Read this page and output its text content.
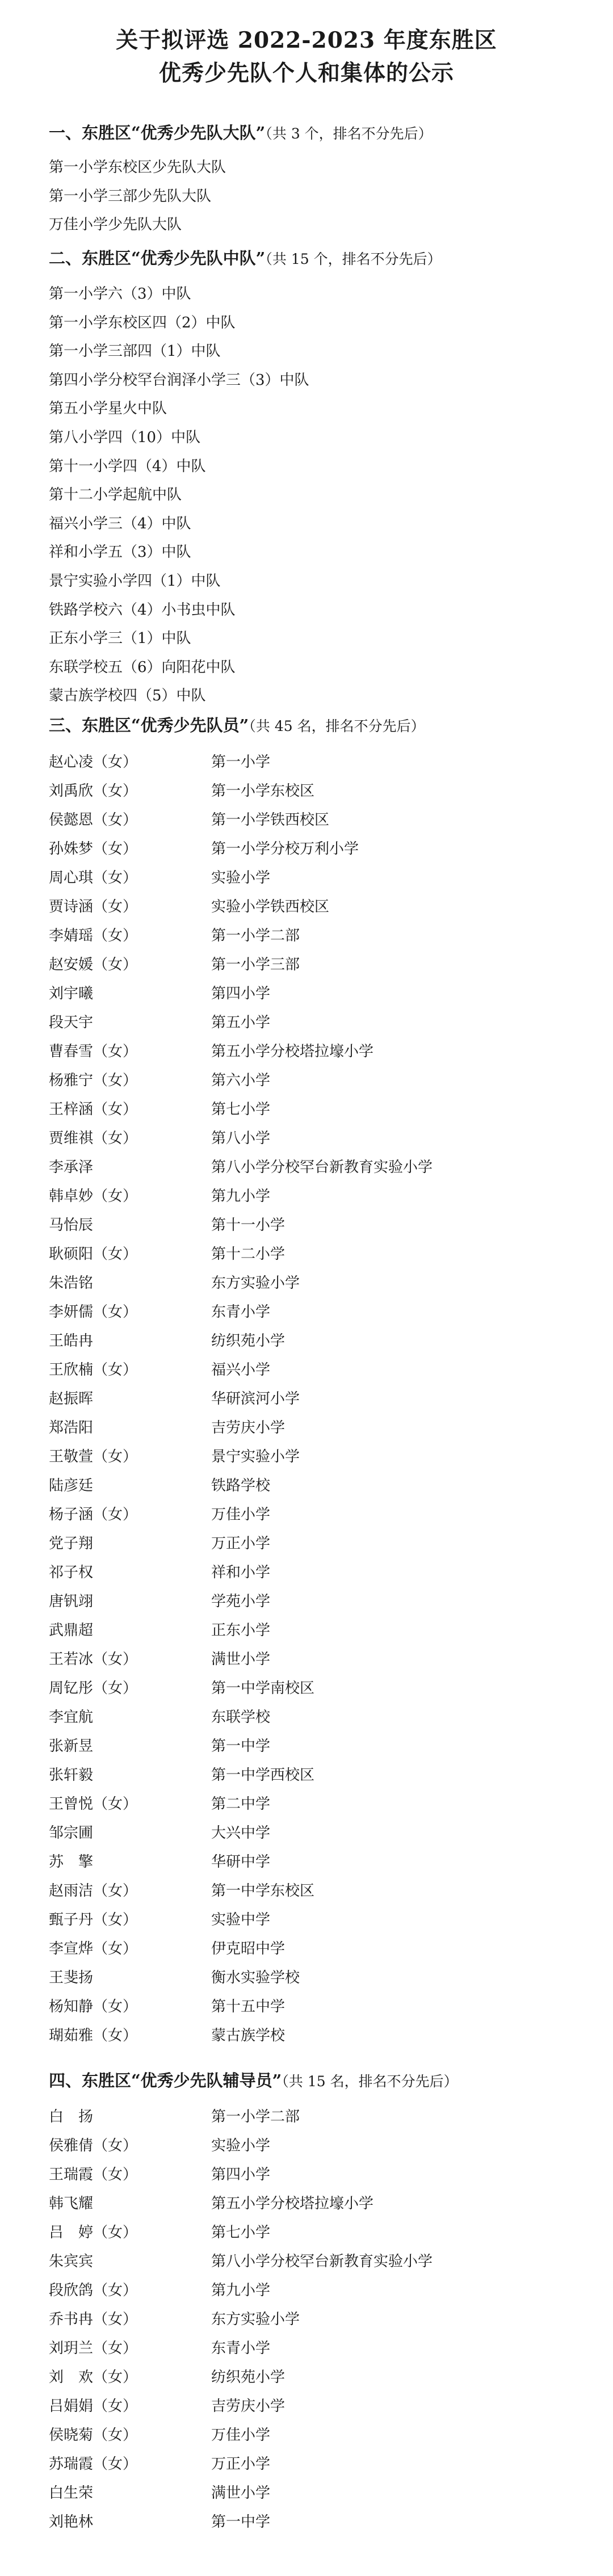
关于拟评选 2022-2023 年度东胜区
优秀少先队个人和集体的公示
一、东胜区“优秀少先队大队”（共 3 个，排名不分先后）
第一小学东校区少先队大队
第一小学三部少先队大队
万佳小学少先队大队
二、东胜区“优秀少先队中队”（共 15 个，排名不分先后）
第一小学六（3）中队
第一小学东校区四（2）中队
第一小学三部四（1）中队
第四小学分校罕台润泽小学三（3）中队
第五小学星火中队
第八小学四（10）中队
第十一小学四（4）中队
第十二小学起航中队
福兴小学三（4）中队
祥和小学五（3）中队
景宁实验小学四（1）中队
铁路学校六（4）小书虫中队
正东小学三（1）中队
东联学校五（6）向阳花中队
蒙古族学校四（5）中队
三、东胜区“优秀少先队员”（共 45 名，排名不分先后）
赵心凌（女）	第一小学
刘禹欣（女）	第一小学东校区
侯懿恩（女）	第一小学铁西校区
孙姝梦（女）	第一小学分校万利小学
周心琪（女）	实验小学
贾诗涵（女）	实验小学铁西校区
李婧瑶（女）	第一小学二部
赵安媛（女）	第一小学三部
刘宇曦	第四小学
段天宇	第五小学
曹春雪（女）	第五小学分校塔拉壕小学
杨雅宁（女）	第六小学
王梓涵（女）	第七小学
贾维祺（女）	第八小学
李承泽	第八小学分校罕台新教育实验小学
韩卓妙（女）	第九小学
马怡辰	第十一小学
耿硕阳（女）	第十二小学
朱浩铭	东方实验小学
李妍儒（女）	东青小学
王皓冉	纺织苑小学
王欣楠（女）	福兴小学
赵振晖	华研滨河小学
郑浩阳	吉劳庆小学
王敬萱（女）	景宁实验小学
陆彦廷	铁路学校
杨子涵（女）	万佳小学
党子翔	万正小学
祁子权	祥和小学
唐钒翊	学苑小学
武鼎超	正东小学
王若冰（女）	满世小学
周钇彤（女）	第一中学南校区
李宜航	东联学校
张新昱	第一中学
张轩毅	第一中学西校区
王曾悦（女）	第二中学
邹宗圃	大兴中学
苏　擎	华研中学
赵雨洁（女）	第一中学东校区
甄子丹（女）	实验中学
李宣烨（女）	伊克昭中学
王斐扬	衡水实验学校
杨知静（女）	第十五中学
瑚茹雅（女）	蒙古族学校
四、东胜区“优秀少先队辅导员”（共 15 名，排名不分先后）
白　扬	第一小学二部
侯雅倩（女）	实验小学
王瑞霞（女）	第四小学
韩飞耀	第五小学分校塔拉壕小学
吕　婷（女）	第七小学
朱宾宾	第八小学分校罕台新教育实验小学
段欣鸽（女）	第九小学
乔书冉（女）	东方实验小学
刘玥兰（女）	东青小学
刘　欢（女）	纺织苑小学
吕娟娟（女）	吉劳庆小学
侯晓菊（女）	万佳小学
苏瑞霞（女）	万正小学
白生荣	满世小学
刘艳林	第一中学
